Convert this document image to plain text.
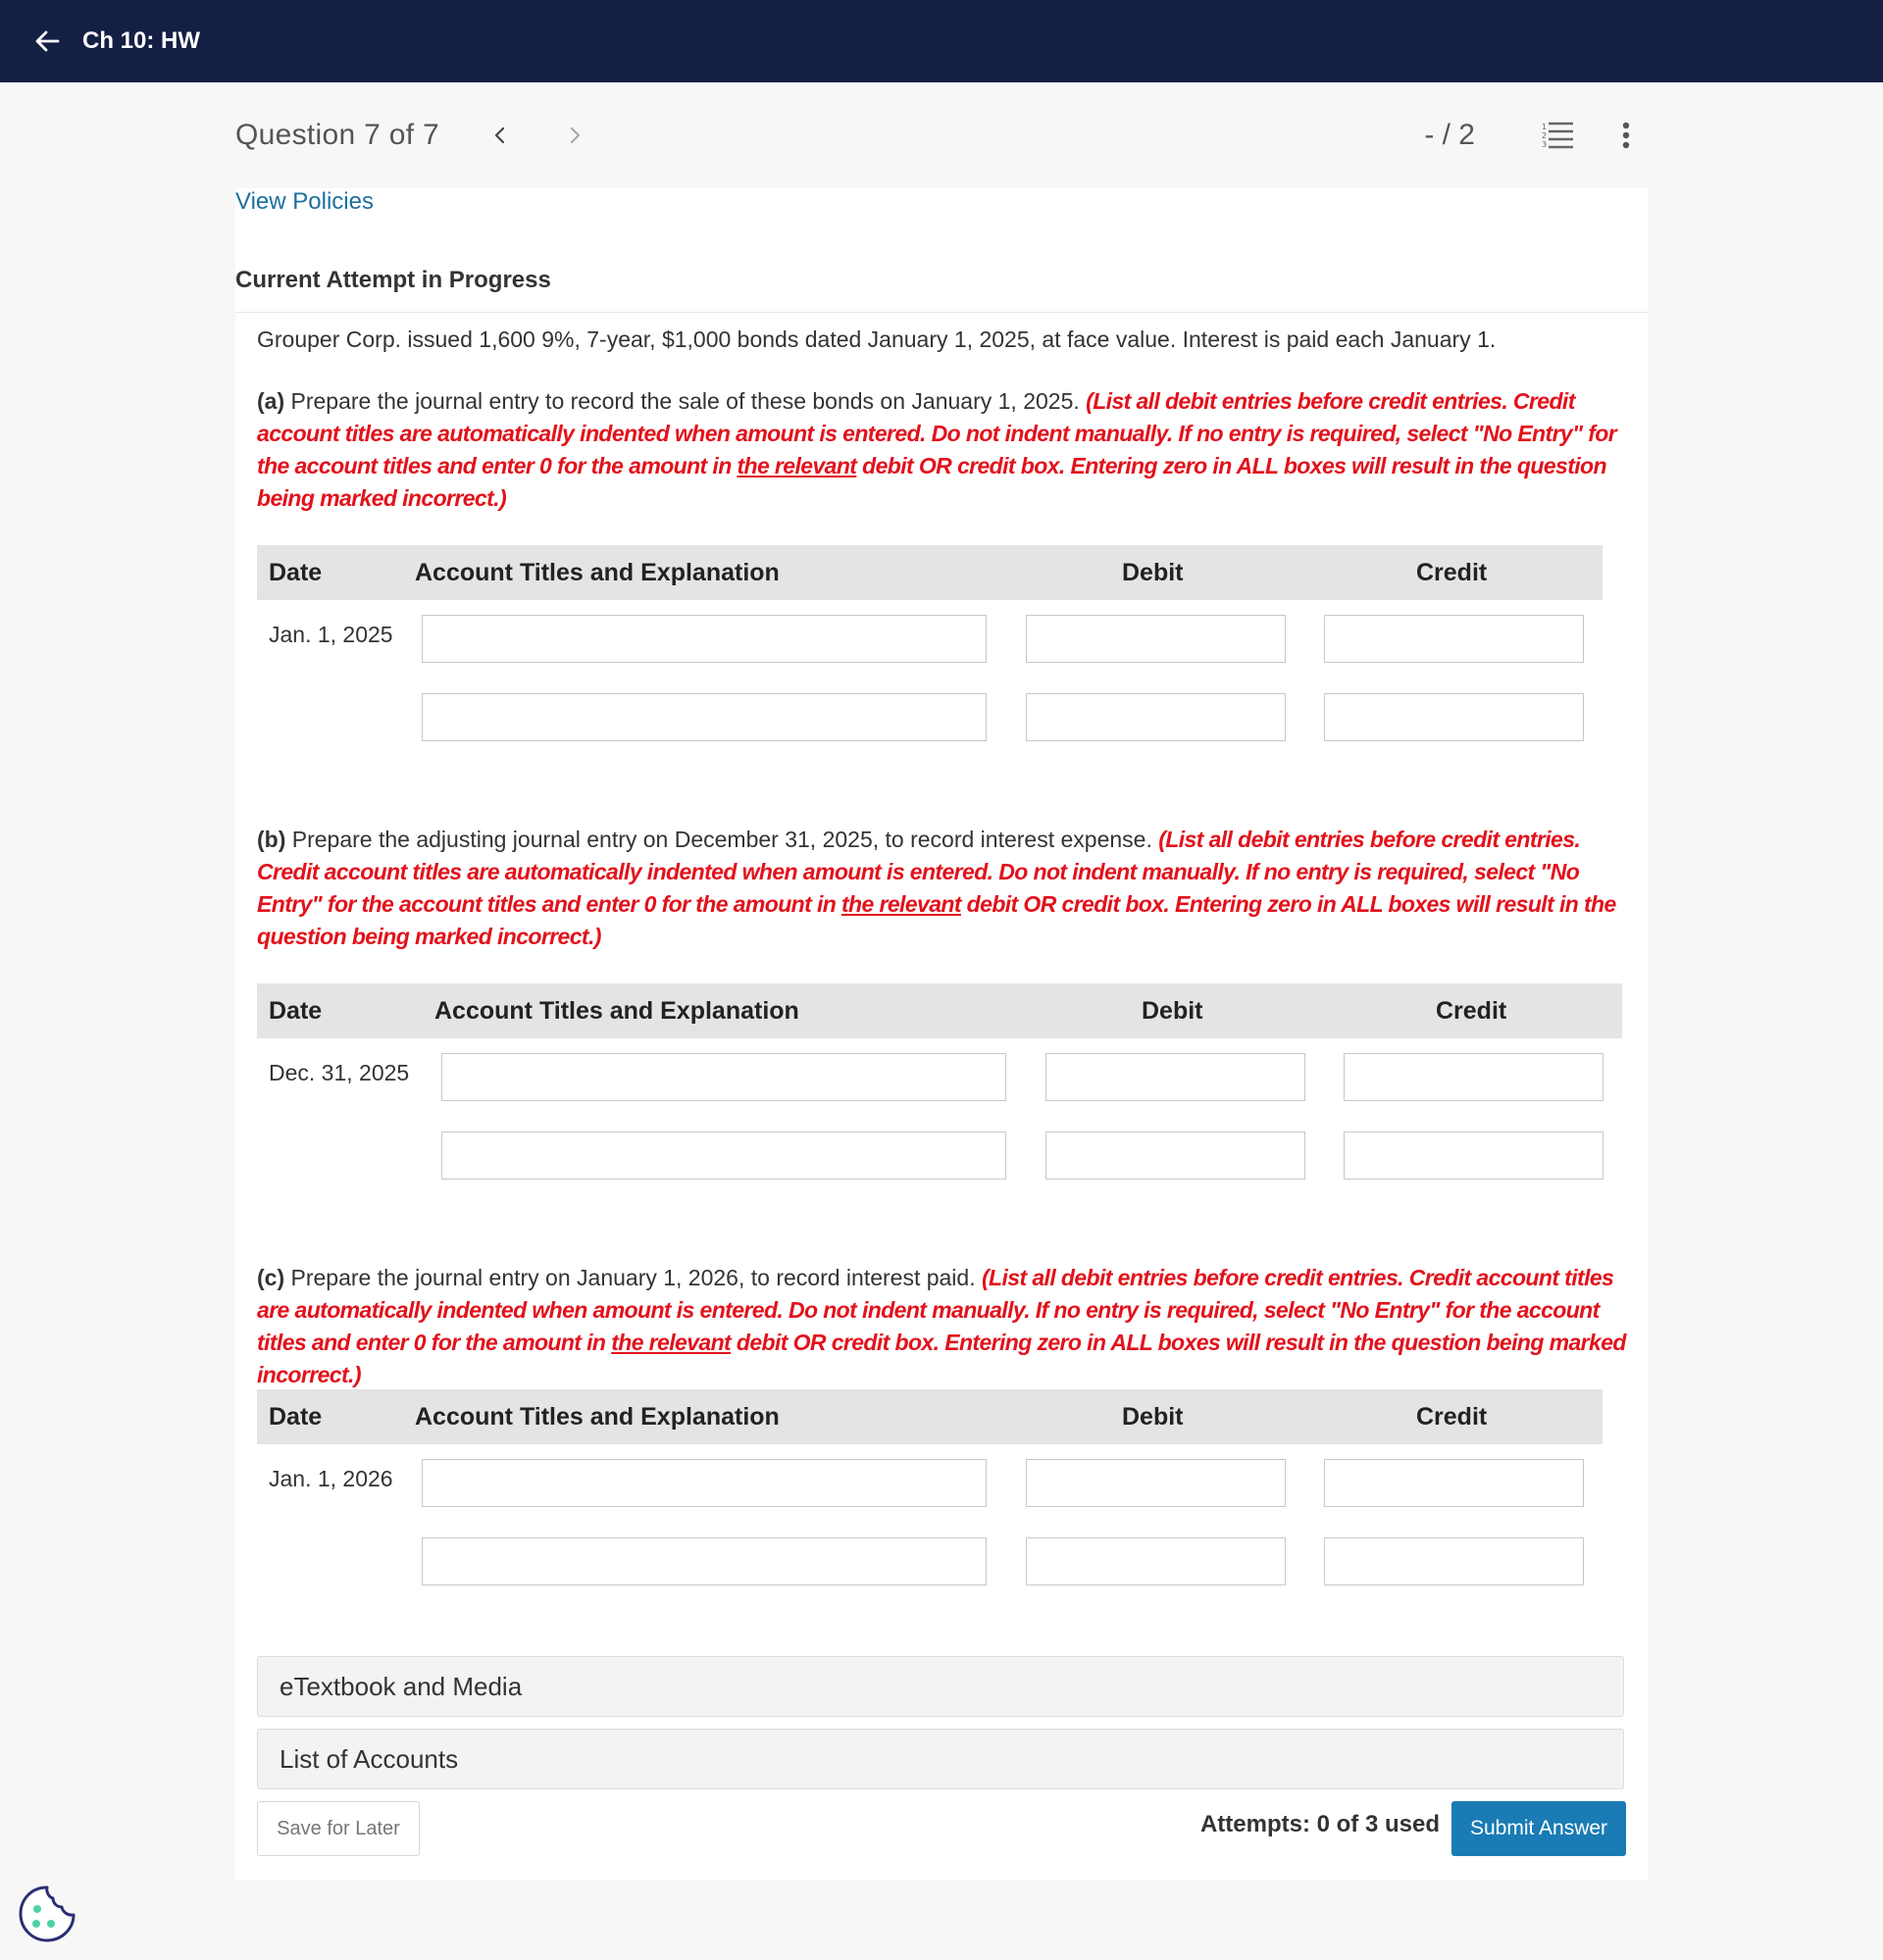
Ch 10: HW
Question 7 of 7	- / 2	1
2
3
View Policies
Current Attempt in Progress
Grouper Corp. issued 1,600 9%, 7-year, $1,000 bonds dated January 1, 2025, at face value. Interest is paid each January 1.
(a) Prepare the journal entry to record the sale of these bonds on January 1, 2025. (List all debit entries before credit entries. Credit account titles are automatically indented when amount is entered. Do not indent manually. If no entry is required, select "No Entry" for the account titles and enter 0 for the amount in the relevant debit OR credit box. Entering zero in ALL boxes will result in the question being marked incorrect.)
Date	Account Titles and Explanation	Debit	Credit
Jan. 1, 2025
(b) Prepare the adjusting journal entry on December 31, 2025, to record interest expense. (List all debit entries before credit entries. Credit account titles are automatically indented when amount is entered. Do not indent manually. If no entry is required, select "No Entry" for the account titles and enter 0 for the amount in the relevant debit OR credit box. Entering zero in ALL boxes will result in the question being marked incorrect.)
Date	Account Titles and Explanation	Debit	Credit
Dec. 31, 2025
(c) Prepare the journal entry on January 1, 2026, to record interest paid. (List all debit entries before credit entries. Credit account titles are automatically indented when amount is entered. Do not indent manually. If no entry is required, select "No Entry" for the account titles and enter 0 for the amount in the relevant debit OR credit box. Entering zero in ALL boxes will result in the question being marked incorrect.)
Date	Account Titles and Explanation	Debit	Credit
Jan. 1, 2026
eTextbook and Media
List of Accounts
Save for Later	Attempts: 0 of 3 used	Submit Answer
